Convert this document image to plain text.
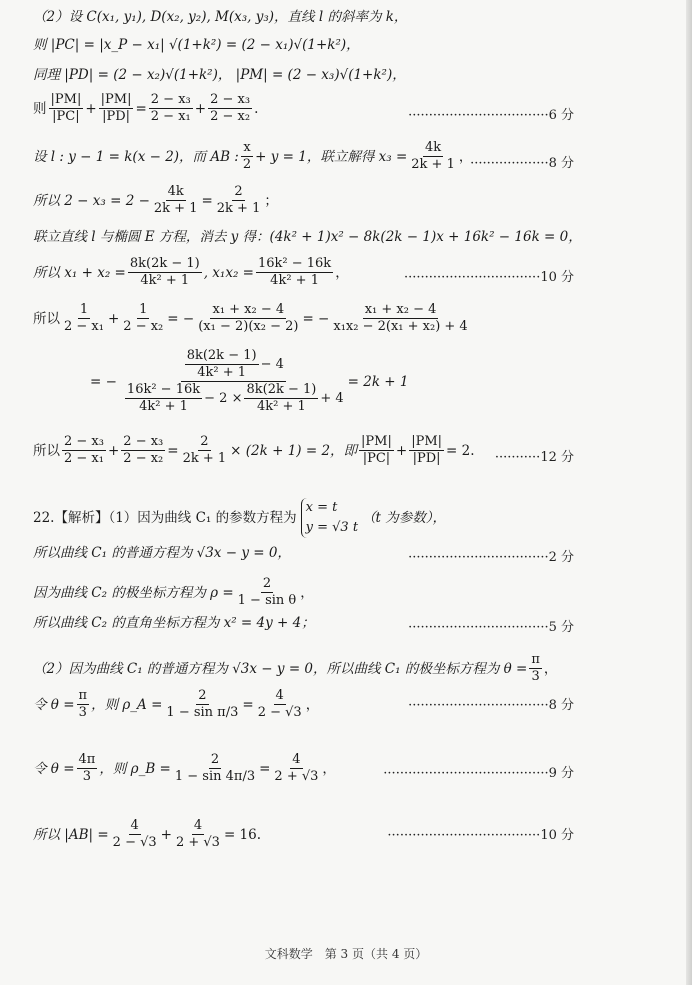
（2）设 C(x₁, y₁), D(x₂, y₂), M(x₃, y₃)，直线 l 的斜率为 k，
则 |PC| = |x_P − x₁| √(1+k²) = (2 − x₁)√(1+k²)，
同理 |PD| = (2 − x₂)√(1+k²)， |PM| = (2 − x₃)√(1+k²)，
则 $\frac{|PM|}{|PC|} + \frac{|PM|}{|PD|} = \frac{\text{2 − x₃}}{\text{2 − x₁}} + \frac{\text{2 − x₃}}{\text{2 − x₂}}$ .	··································6 分
设 l : y − 1 = k(x − 2)，而 AB : $\frac{x}{2} + y = 1$，联立解得 $x_3 = \frac{4k}{2k + 1}$ ，
···················8 分
所以 $2 - x_3 = 2 - \frac{4k}{2k + 1} = \frac{2}{2k + 1}$ ；
联立直线 l 与椭圆 E 方程，消去 y 得：(4k² + 1)x² − 8k(2k − 1)x + 16k² − 16k = 0，
所以 $x_1 + x_2 = \frac{8k(2k - 1)}{\text{4k² + 1}}$ , $x_1x_2 = \frac{\text{16k² − 16k}}{\text{4k² + 1}}$ ，	·································10 分
所以 $\frac{1}{\text{2 − x₁}} + \frac{1}{\text{2 − x₂}}$ = − $\frac{\text{x₁ + x₂ − 4}}{\text{(x₁ − 2)(x₂ − 2)}}$ = − $\frac{\text{x₁ + x₂ − 4}}{\text{x₁x₂ − 2(x₁ + x₂) + 4}}$
= −
$\frac{8k(2k - 1)}{\text{4k² + 1}} - 4$
$\frac{\text{16k² − 16k}}{\text{4k² + 1}} - 2 \times \frac{8k(2k - 1)}{\text{4k² + 1}} + 4$
= 2k + 1
所以 $\frac{\text{2 − x₃}}{\text{2 − x₁}} + \frac{\text{2 − x₃}}{\text{2 − x₂}} = \frac{2}{2k + 1} \times (2k + 1) = 2$，即 $\frac{|PM|}{|PC|} + \frac{|PM|}{|PD|} = 2$. ···········12 分
22.【解析】（1）因为曲线 C₁ 的参数方程为
x = t
y = √3 t
（t 为参数），
所以曲线 C₁ 的普通方程为 √3x − y = 0，	··································2 分
因为曲线 C₂ 的极坐标方程为 $\rho = \frac{2}{\text{1 − sin θ}}$ ，
所以曲线 C₂ 的直角坐标方程为 x² = 4y + 4；	··································5 分
（2）因为曲线 C₁ 的普通方程为 √3x − y = 0，所以曲线 C₁ 的极坐标方程为 $\theta = \frac{\pi}{3}$ ，
令 $\theta = \frac{\pi}{3}$ ，则 ρ_A = $\frac{2}{\text{1 − sin π/3}} = \frac{4}{2 - √3}$ ，	··································8 分
令 $\theta = \frac{4\pi}{3}$ ，则 ρ_B = $\frac{2}{1 - \sin 4\pi/3} = \frac{4}{2 + √3}$ ，	········································9 分
所以 $|AB| = \frac{4}{2 - √3} + \frac{4}{2 + √3} = 16$.	·····································10 分
文科数学　第 3 页（共 4 页）
